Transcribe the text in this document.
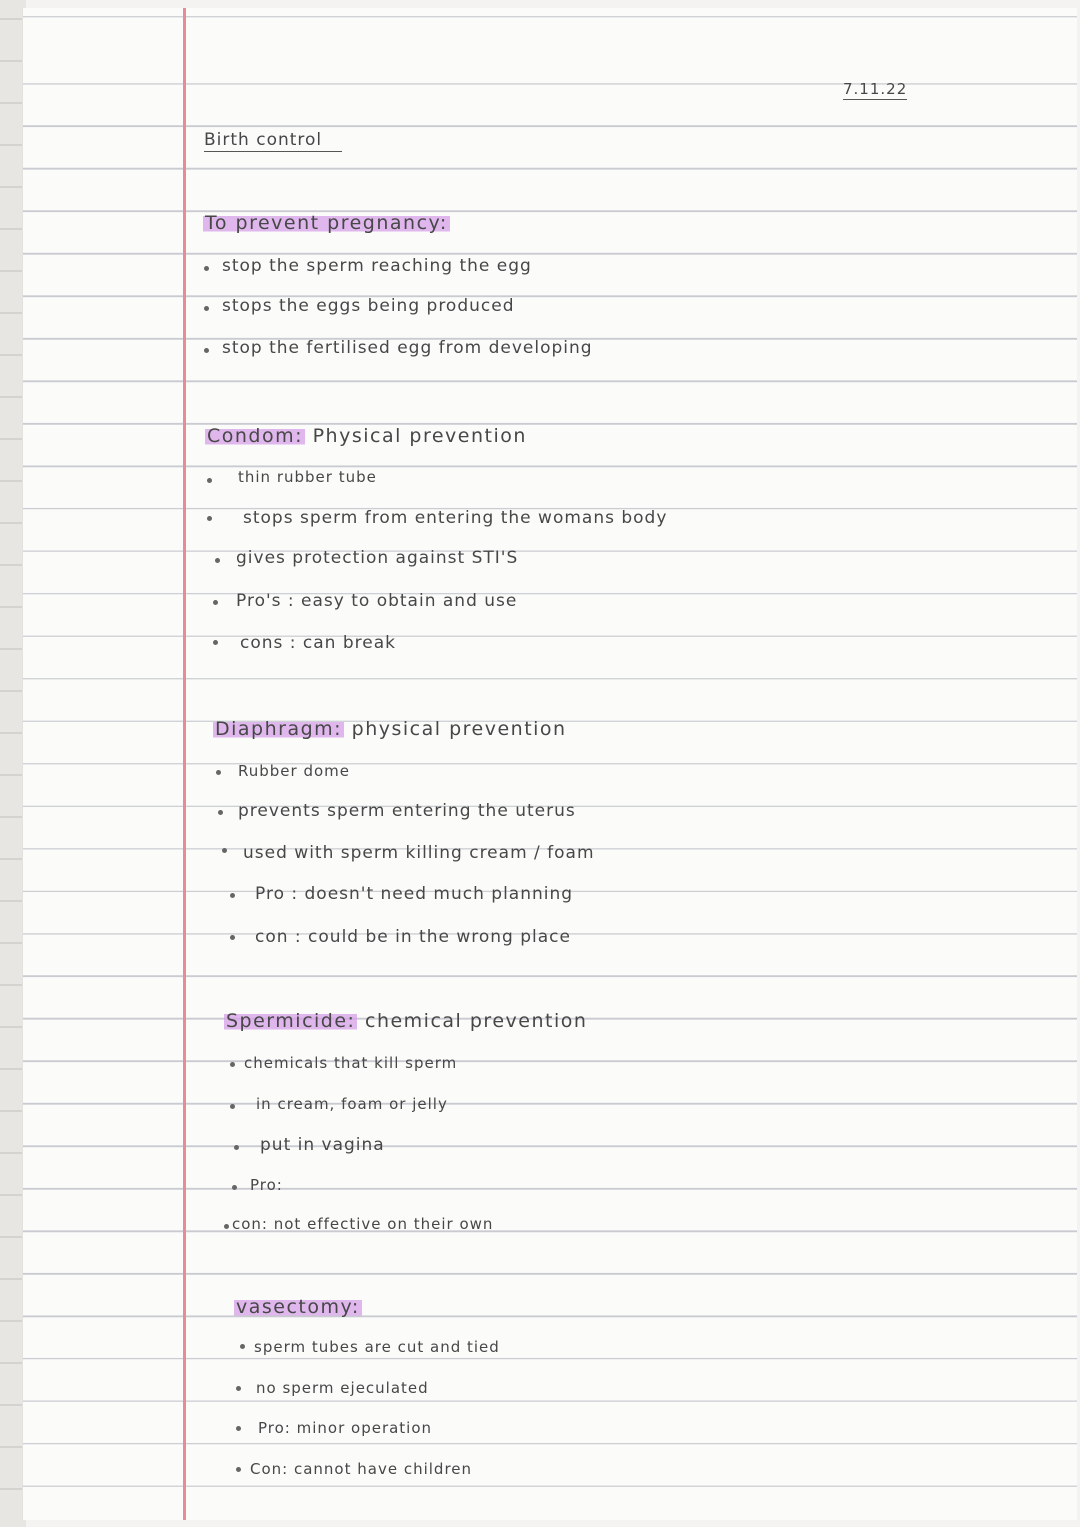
7.11.22
Birth control
To prevent pregnancy:
stop the sperm reaching the egg
stops the eggs being produced
stop the fertilised egg from developing
Condom: Physical prevention
thin rubber tube
stops sperm from entering the womans body
gives protection against STI'S
Pro's : easy to obtain and use
cons : can break
Diaphragm: physical prevention
Rubber dome
prevents sperm entering the uterus
used with sperm killing cream / foam
Pro : doesn't need much planning
con : could be in the wrong place
Spermicide: chemical prevention
chemicals that kill sperm
in cream, foam or jelly
put in vagina
Pro:
con: not effective on their own
vasectomy:
sperm tubes are cut and tied
no sperm ejeculated
Pro: minor operation
Con: cannot have children
